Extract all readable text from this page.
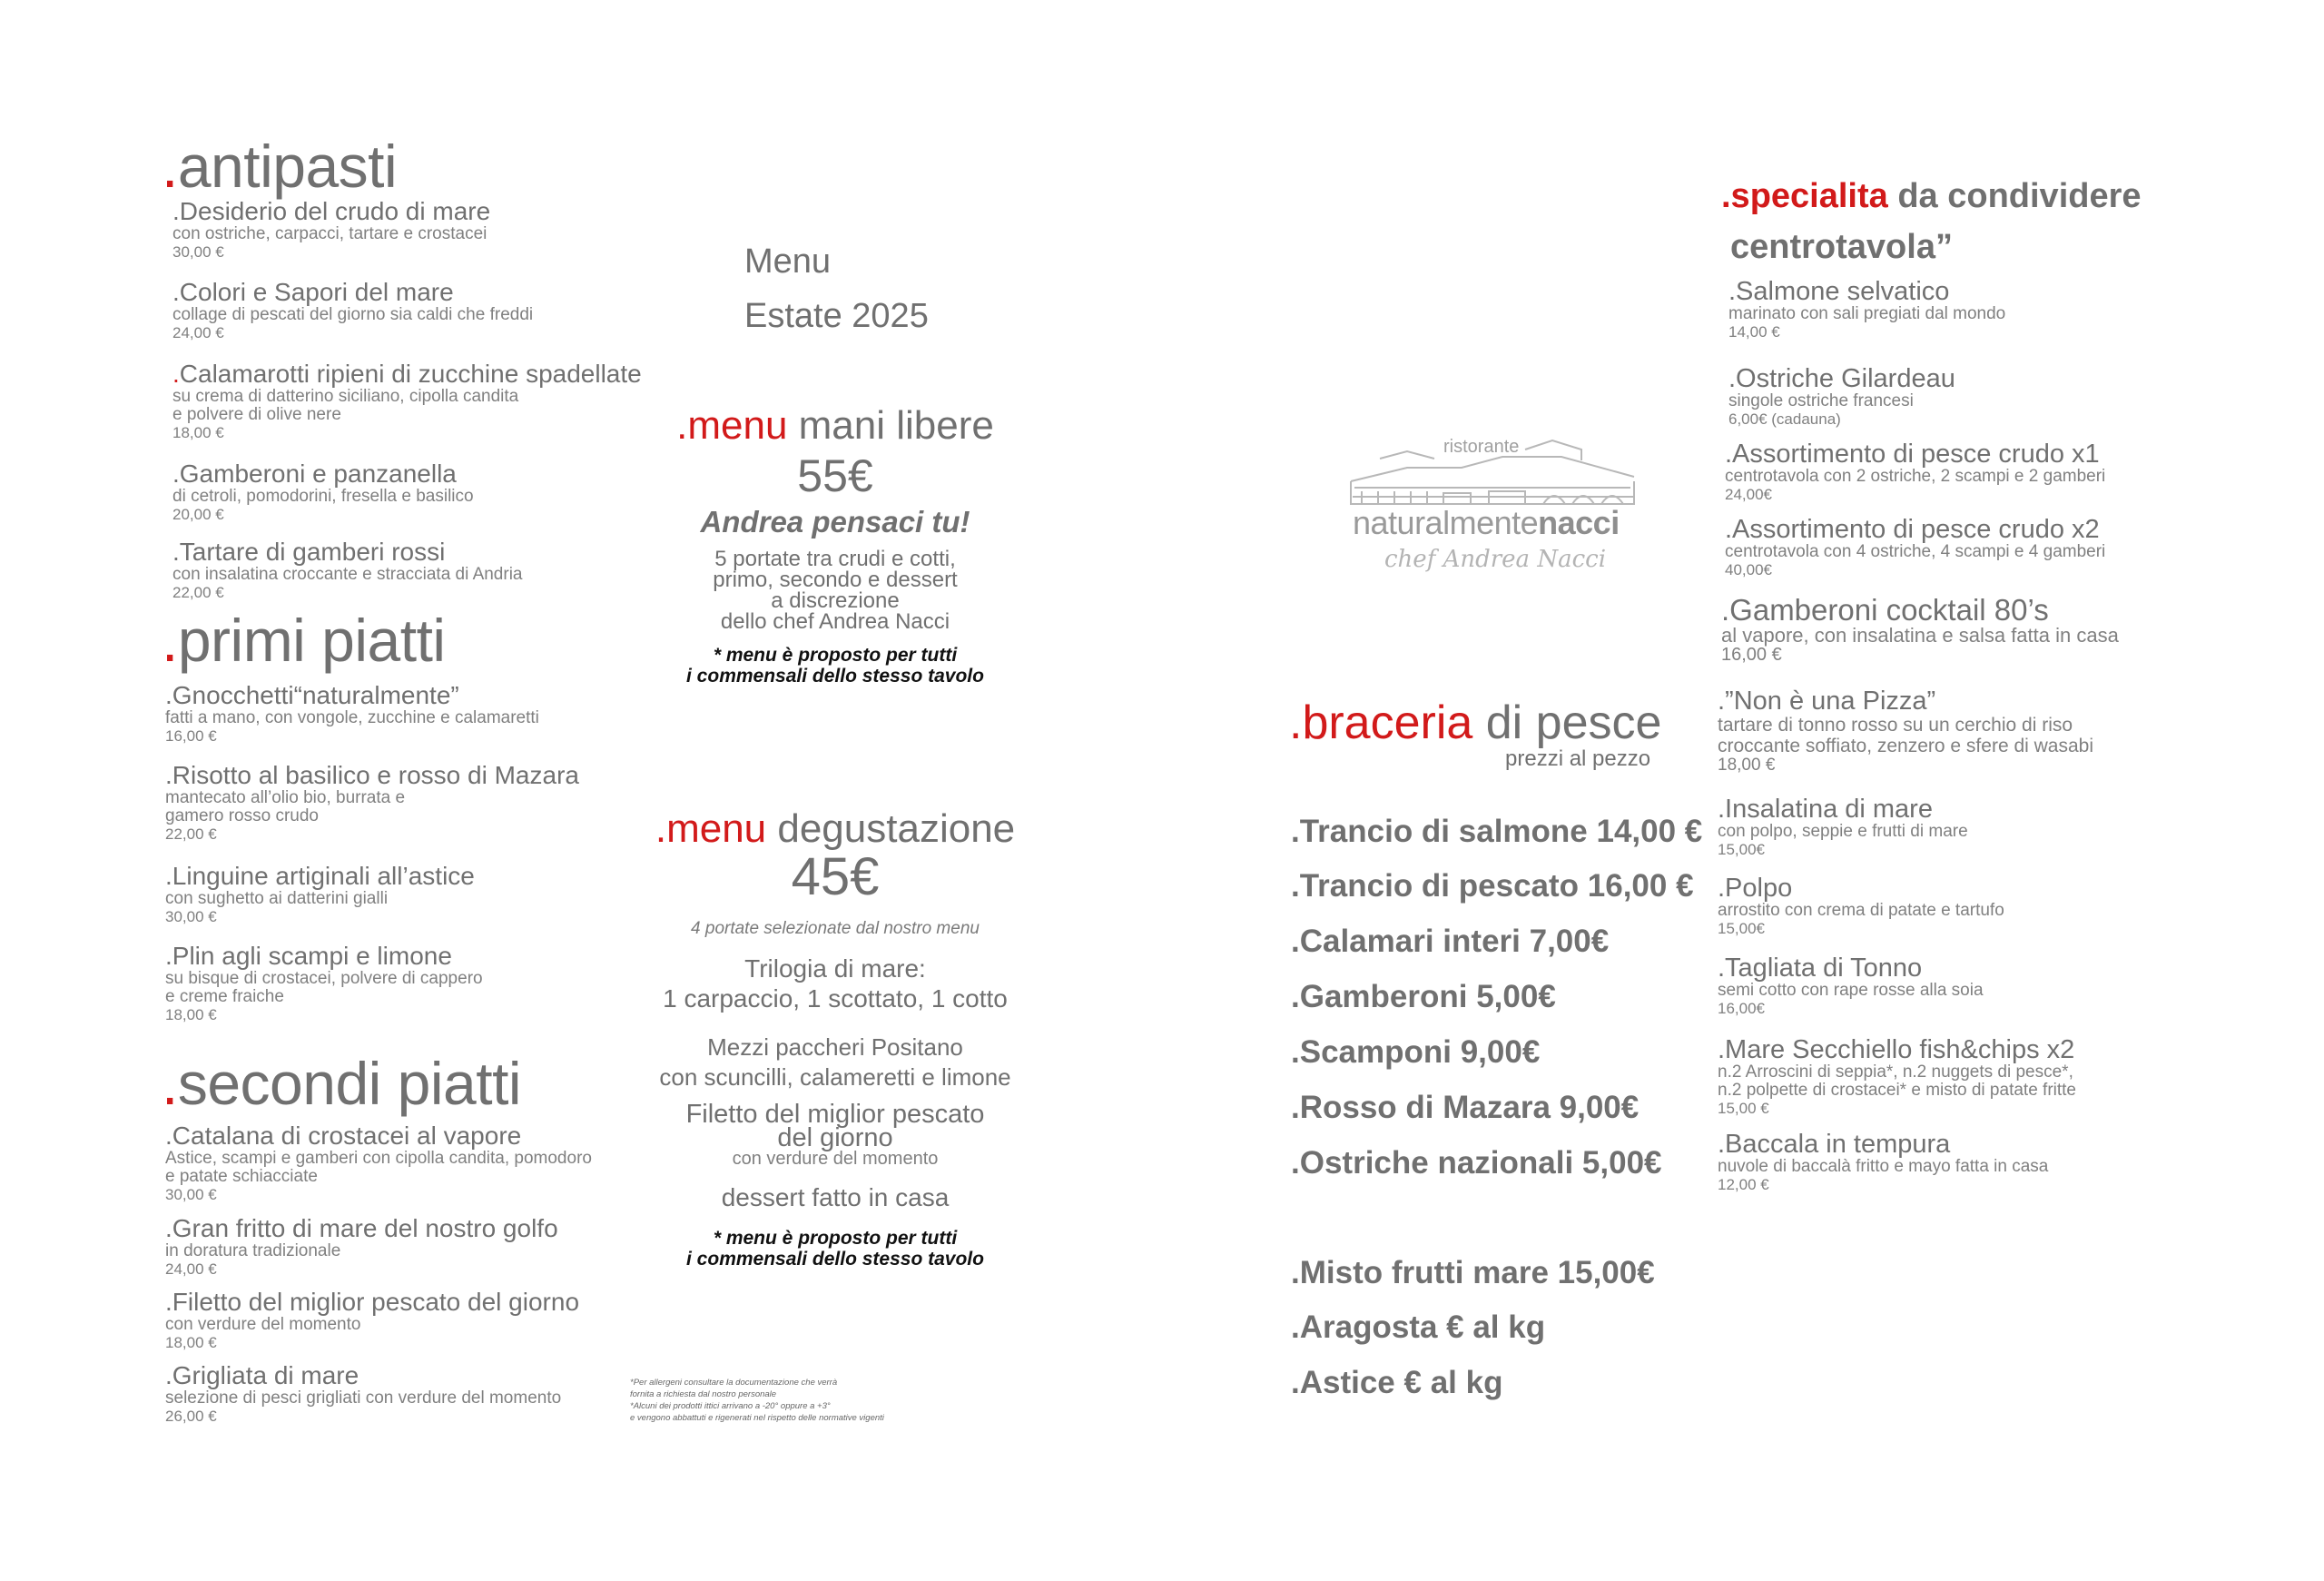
.antipasti
.Desiderio del crudo di mare
con ostriche, carpacci, tartare e crostacei
30,00 €
.Colori e Sapori del mare
collage di pescati del giorno sia caldi che freddi
24,00 €
.Calamarotti ripieni di zucchine spadellate
su crema di datterino siciliano, cipolla candita
e polvere di olive nere
18,00 €
.Gamberoni e panzanella
di cetroli, pomodorini, fresella e basilico
20,00 €
.Tartare di gamberi rossi
con insalatina croccante e stracciata di Andria
22,00 €
.primi piatti
.Gnocchetti“naturalmente”
fatti a mano, con vongole, zucchine e calamaretti
16,00 €
.Risotto al basilico e rosso di Mazara
mantecato all’olio bio, burrata e
gamero rosso crudo
22,00 €
.Linguine artiginali all’astice
con sughetto ai datterini gialli
30,00 €
.Plin agli scampi e limone
su bisque di crostacei, polvere di cappero
e creme fraiche
18,00 €
.secondi piatti
.Catalana di crostacei al vapore
Astice, scampi e gamberi con cipolla candita, pomodoro
e patate schiacciate
30,00 €
.Gran fritto di mare del nostro golfo
in doratura tradizionale
24,00 €
.Filetto del miglior pescato del giorno
con verdure del momento
18,00 €
.Grigliata di mare
selezione di pesci grigliati con verdure del momento
26,00 €
Menu
Estate 2025
.menu mani libere
55€
Andrea pensaci tu!
5 portate tra crudi e cotti,
primo, secondo e dessert
a discrezione
dello chef Andrea Nacci
* menu è proposto per tutti
i commensali dello stesso tavolo
.menu degustazione
45€
4 portate selezionate dal nostro menu
Trilogia di mare:
1 carpaccio, 1 scottato, 1 cotto
Mezzi paccheri Positano
con scuncilli, calameretti e limone
Filetto del miglior pescato
del giorno
con verdure del momento
dessert fatto in casa
* menu è proposto per tutti
i commensali dello stesso tavolo
*Per allergeni consultare la documentazione che verrà
fornita a richiesta dal nostro personale
*Alcuni dei prodotti ittici arrivano a -20° oppure a +3°
e vengono abbattuti e rigenerati nel rispetto delle normative vigenti
ristorante
naturalmentenacci
chef Andrea Nacci
.braceria di pesce
prezzi al pezzo
.Trancio di salmone 14,00 €
.Trancio di pescato 16,00 €
.Calamari interi 7,00€
.Gamberoni 5,00€
.Scamponi 9,00€
.Rosso di Mazara 9,00€
.Ostriche nazionali 5,00€
.Misto frutti mare 15,00€
.Aragosta € al kg
.Astice € al kg
.specialita da condividere
centrotavola”
.Salmone selvatico
marinato con sali pregiati dal mondo
14,00 €
.Ostriche Gilardeau
singole ostriche francesi
6,00€ (cadauna)
.Assortimento di pesce crudo x1
centrotavola con 2 ostriche, 2 scampi e 2 gamberi
24,00€
.Assortimento di pesce crudo x2
centrotavola con 4 ostriche, 4 scampi e 4 gamberi
40,00€
.Gamberoni cocktail 80’s
al vapore, con insalatina e salsa fatta in casa
16,00 €
.”Non è una Pizza”
tartare di tonno rosso su un cerchio di riso
croccante soffiato, zenzero e sfere di wasabi
18,00 €
.Insalatina di mare
con polpo, seppie e frutti di mare
15,00€
.Polpo
arrostito con crema di patate e tartufo
15,00€
.Tagliata di Tonno
semi cotto con rape rosse alla soia
16,00€
.Mare Secchiello fish&chips x2
n.2 Arroscini di seppia*, n.2 nuggets di pesce*,
n.2 polpette di crostacei* e misto di patate fritte
15,00 €
.Baccala in tempura
nuvole di baccalà fritto e mayo fatta in casa
12,00 €
